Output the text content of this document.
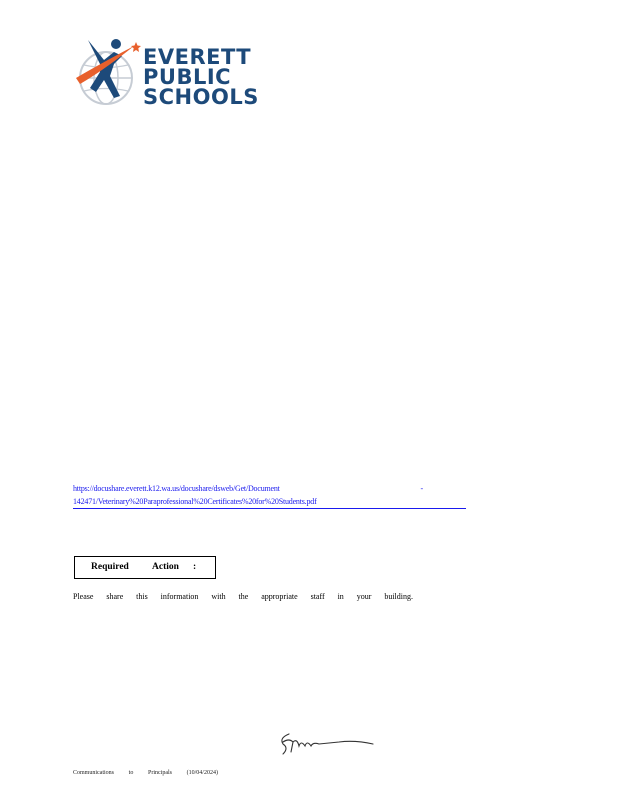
EVERETT
PUBLIC
SCHOOLS
https://docushare.everett.k12.wa.us/docushare/dsweb/Get/Document	-
142471/Veterinary%20Paraprofessional%20Certificates%20for%20Students.pdf
Required Action :
Please share this information with the appropriate staff in your building.
Communications to Principals (10/04/2024)
